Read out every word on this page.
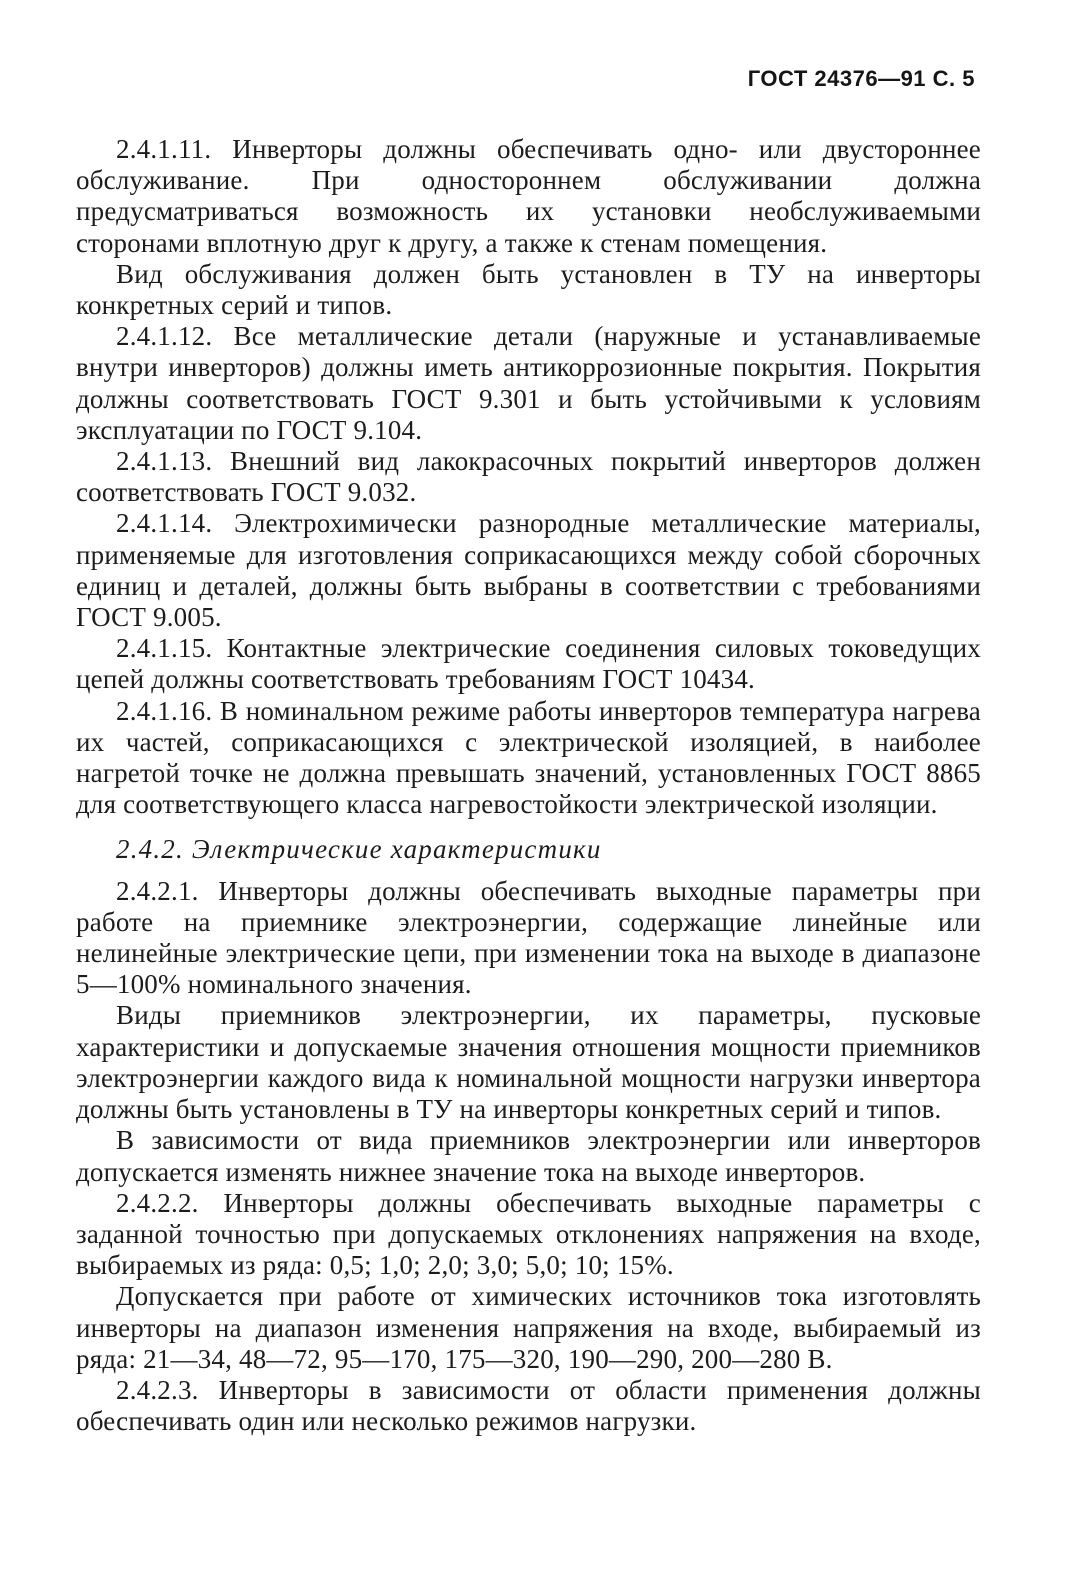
ГОСТ 24376—91 С. 5

2.4.1.11. Инверторы должны обеспечивать одно- или двустороннее обслуживание. При одностороннем обслуживании должна предусматриваться возможность их установки необслуживаемыми сторонами вплотную друг к другу, а также к стенам помещения.

Вид обслуживания должен быть установлен в ТУ на инверторы конкретных серий и типов.

2.4.1.12. Все металлические детали (наружные и устанавливаемые внутри инверторов) должны иметь антикоррозионные покрытия. Покрытия должны соответствовать ГОСТ 9.301 и быть устойчивыми к условиям эксплуатации по ГОСТ 9.104.

2.4.1.13. Внешний вид лакокрасочных покрытий инверторов должен соответствовать ГОСТ 9.032.

2.4.1.14. Электрохимически разнородные металлические материалы, применяемые для изготовления соприкасающихся между собой сборочных единиц и деталей, должны быть выбраны в соответствии с требованиями ГОСТ 9.005.

2.4.1.15. Контактные электрические соединения силовых токоведущих цепей должны соответствовать требованиям ГОСТ 10434.

2.4.1.16. В номинальном режиме работы инверторов температура нагрева их частей, соприкасающихся с электрической изоляцией, в наиболее нагретой точке не должна превышать значений, установленных ГОСТ 8865 для соответствующего класса нагревостойкости электрической изоляции.

2.4.2. Электрические характеристики

2.4.2.1. Инверторы должны обеспечивать выходные параметры при работе на приемнике электроэнергии, содержащие линейные или нелинейные электрические цепи, при изменении тока на выходе в диапазоне 5—100% номинального значения.

Виды приемников электроэнергии, их параметры, пусковые характеристики и допускаемые значения отношения мощности приемников электроэнергии каждого вида к номинальной мощности нагрузки инвертора должны быть установлены в ТУ на инверторы конкретных серий и типов.

В зависимости от вида приемников электроэнергии или инверторов допускается изменять нижнее значение тока на выходе инверторов.

2.4.2.2. Инверторы должны обеспечивать выходные параметры с заданной точностью при допускаемых отклонениях напряжения на входе, выбираемых из ряда: 0,5; 1,0; 2,0; 3,0; 5,0; 10; 15%.

Допускается при работе от химических источников тока изготовлять инверторы на диапазон изменения напряжения на входе, выбираемый из ряда: 21—34, 48—72, 95—170, 175—320, 190—290, 200—280 В.

2.4.2.3. Инверторы в зависимости от области применения должны обеспечивать один или несколько режимов нагрузки.
